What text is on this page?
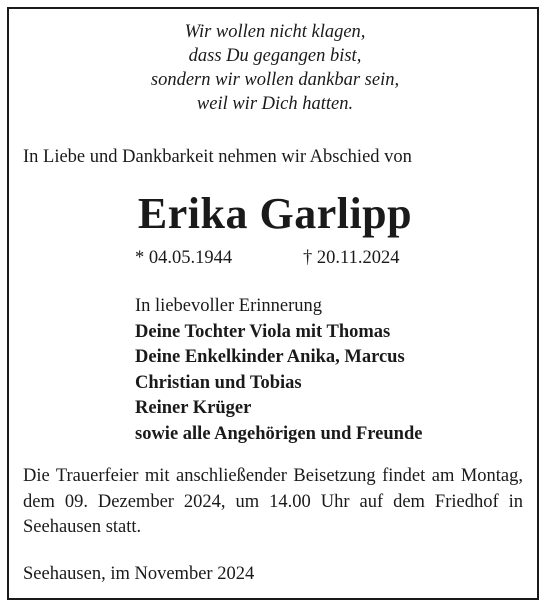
Wir wollen nicht klagen,
dass Du gegangen bist,
sondern wir wollen dankbar sein,
weil wir Dich hatten.
In Liebe und Dankbarkeit nehmen wir Abschied von
Erika Garlipp
* 04.05.1944	† 20.11.2024
In liebevoller Erinnerung
Deine Tochter Viola mit Thomas
Deine Enkelkinder Anika, Marcus
Christian und Tobias
Reiner Krüger
sowie alle Angehörigen und Freunde
Die Trauerfeier mit anschließender Beisetzung findet am Montag, dem 09. Dezember 2024, um 14.00 Uhr auf dem Friedhof in Seehausen statt.
Seehausen, im November 2024
